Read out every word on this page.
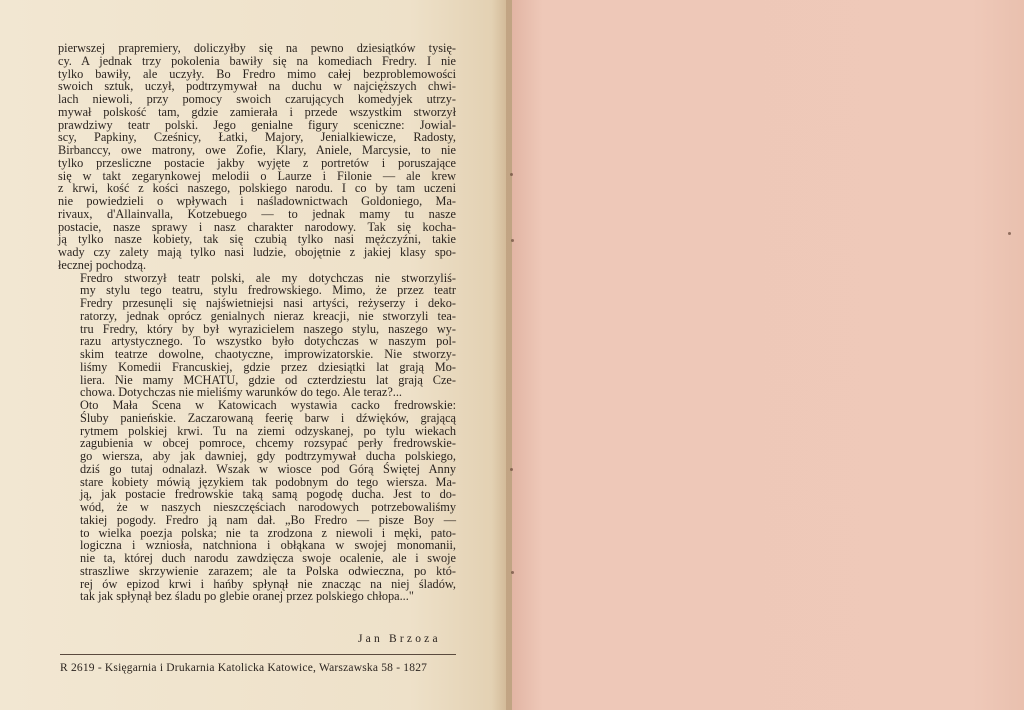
pierwszej prapremiery, doliczyłby się na pewno dziesiątków tysię-
cy. A jednak trzy pokolenia bawiły się na komediach Fredry. I nie
tylko bawiły, ale uczyły. Bo Fredro mimo całej bezproblemowości
swoich sztuk, uczył, podtrzymywał na duchu w najcięższych chwi-
lach niewoli, przy pomocy swoich czarujących komedyjek utrzy-
mywał polskość tam, gdzie zamierała i przede wszystkim stworzył
prawdziwy teatr polski. Jego genialne figury sceniczne: Jowial-
scy, Papkiny, Cześnicy, Łatki, Majory, Jenialkiewicze, Radosty,
Birbanccy, owe matrony, owe Zofie, Klary, Aniele, Marcysie, to nie
tylko przesliczne postacie jakby wyjęte z portretów i poruszające
się w takt zegarynkowej melodii o Laurze i Filonie — ale krew
z krwi, kość z kości naszego, polskiego narodu. I co by tam uczeni
nie powiedzieli o wpływach i naśladownictwach Goldoniego, Ma-
rivaux, d'Allainvalla, Kotzebuego — to jednak mamy tu nasze
postacie, nasze sprawy i nasz charakter narodowy. Tak się kocha-
ją tylko nasze kobiety, tak się czubią tylko nasi mężczyźni, takie
wady czy zalety mają tylko nasi ludzie, obojętnie z jakiej klasy spo-
łecznej pochodzą.

Fredro stworzył teatr polski, ale my dotychczas nie stworzyliś-
my stylu tego teatru, stylu fredrowskiego. Mimo, że przez teatr
Fredry przesunęli się najświetniejsi nasi artyści, reżyserzy i deko-
ratorzy, jednak oprócz genialnych nieraz kreacji, nie stworzyli tea-
tru Fredry, który by był wyrazicielem naszego stylu, naszego wy-
razu artystycznego. To wszystko było dotychczas w naszym pol-
skim teatrze dowolne, chaotyczne, improwizatorskie. Nie stworzy-
liśmy Komedii Francuskiej, gdzie przez dziesiątki lat grają Mo-
liera. Nie mamy MCHATU, gdzie od czterdziestu lat grają Cze-
chowa. Dotychczas nie mieliśmy warunków do tego. Ale teraz?...

Oto Mała Scena w Katowicach wystawia cacko fredrowskie:
Śluby panieńskie. Zaczarowaną feerię barw i dźwięków, grającą
rytmem polskiej krwi. Tu na ziemi odzyskanej, po tylu wiekach
zagubienia w obcej pomroce, chcemy rozsypać perły fredrowskie-
go wiersza, aby jak dawniej, gdy podtrzymywał ducha polskiego,
dziś go tutaj odnalazł. Wszak w wiosce pod Górą Świętej Anny
stare kobiety mówią językiem tak podobnym do tego wiersza. Ma-
ją, jak postacie fredrowskie taką samą pogodę ducha. Jest to do-
wód, że w naszych nieszczęściach narodowych potrzebowaliśmy
takiej pogody. Fredro ją nam dał. „Bo Fredro — pisze Boy —
to wielka poezja polska; nie ta zrodzona z niewoli i męki, pato-
logiczna i wzniosła, natchniona i obłąkana w swojej monomanii,
nie ta, której duch narodu zawdzięcza swoje ocalenie, ale i swoje
straszliwe skrzywienie zarazem; ale ta Polska odwieczna, po któ-
rej ów epizod krwi i hańby spłynął nie znacząc na niej śladów,
tak jak spłynął bez śladu po glebie oranej przez polskiego chłopa..."

Jan Brzoza
R 2619 - Księgarnia i Drukarnia Katolicka Katowice, Warszawska 58 - 1827
